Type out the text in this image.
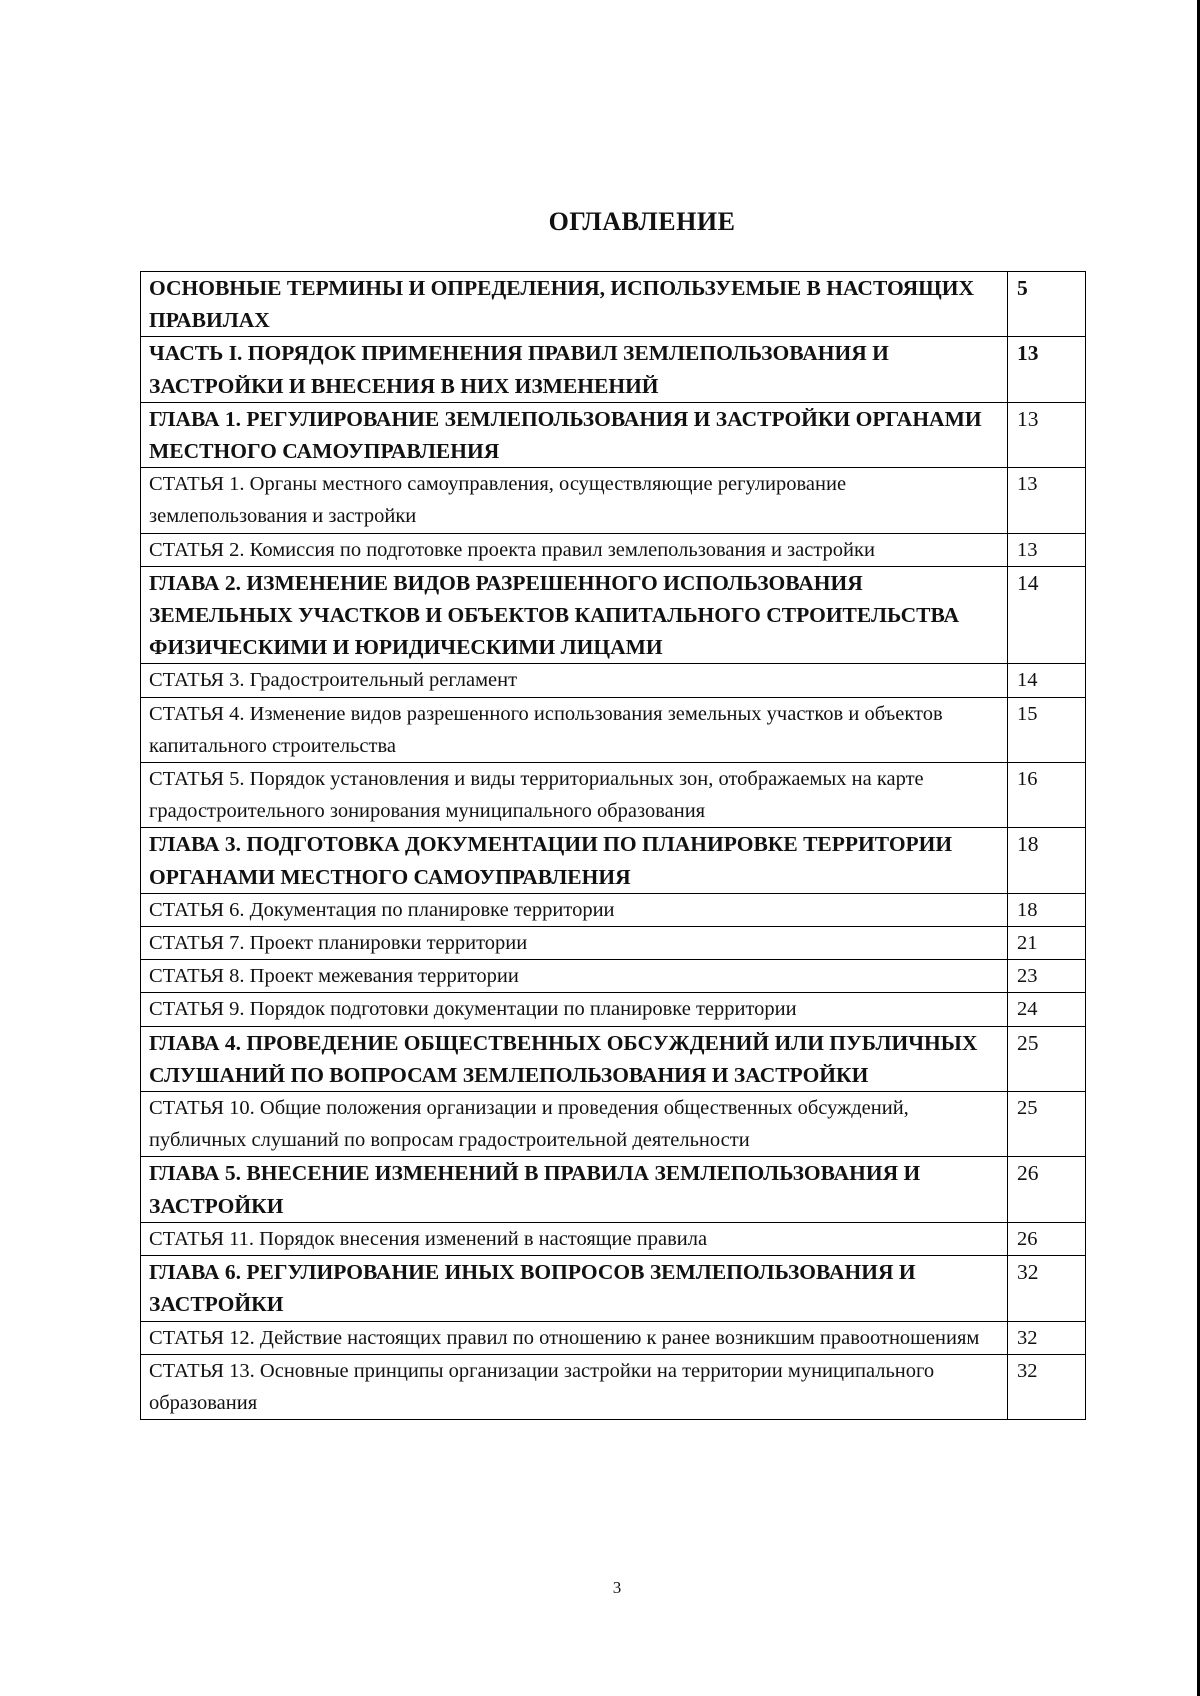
ОГЛАВЛЕНИЕ
ОСНОВНЫЕ ТЕРМИНЫ И ОПРЕДЕЛЕНИЯ, ИСПОЛЬЗУЕМЫЕ В НАСТОЯЩИХ ПРАВИЛАХ	5
ЧАСТЬ I. ПОРЯДОК ПРИМЕНЕНИЯ ПРАВИЛ ЗЕМЛЕПОЛЬЗОВАНИЯ И ЗАСТРОЙКИ И ВНЕСЕНИЯ В НИХ ИЗМЕНЕНИЙ	13
ГЛАВА 1. РЕГУЛИРОВАНИЕ ЗЕМЛЕПОЛЬЗОВАНИЯ И ЗАСТРОЙКИ ОРГАНАМИ МЕСТНОГО САМОУПРАВЛЕНИЯ	13
СТАТЬЯ 1. Органы местного самоуправления, осуществляющие регулирование землепользования и застройки	13
СТАТЬЯ 2. Комиссия по подготовке проекта правил землепользования и застройки	13
ГЛАВА 2. ИЗМЕНЕНИЕ ВИДОВ РАЗРЕШЕННОГО ИСПОЛЬЗОВАНИЯ ЗЕМЕЛЬНЫХ УЧАСТКОВ И ОБЪЕКТОВ КАПИТАЛЬНОГО СТРОИТЕЛЬСТВА ФИЗИЧЕСКИМИ И ЮРИДИЧЕСКИМИ ЛИЦАМИ	14
СТАТЬЯ 3. Градостроительный регламент	14
СТАТЬЯ 4. Изменение видов разрешенного использования земельных участков и объектов капитального строительства	15
СТАТЬЯ 5. Порядок установления и виды территориальных зон, отображаемых на карте градостроительного зонирования муниципального образования	16
ГЛАВА 3. ПОДГОТОВКА ДОКУМЕНТАЦИИ ПО ПЛАНИРОВКЕ ТЕРРИТОРИИ ОРГАНАМИ МЕСТНОГО САМОУПРАВЛЕНИЯ	18
СТАТЬЯ 6. Документация по планировке территории	18
СТАТЬЯ 7. Проект планировки территории	21
СТАТЬЯ 8. Проект межевания территории	23
СТАТЬЯ 9. Порядок подготовки документации по планировке территории	24
ГЛАВА 4. ПРОВЕДЕНИЕ ОБЩЕСТВЕННЫХ ОБСУЖДЕНИЙ ИЛИ ПУБЛИЧНЫХ СЛУШАНИЙ ПО ВОПРОСАМ ЗЕМЛЕПОЛЬЗОВАНИЯ И ЗАСТРОЙКИ	25
СТАТЬЯ 10. Общие положения организации и проведения общественных обсуждений, публичных слушаний по вопросам градостроительной деятельности	25
ГЛАВА 5. ВНЕСЕНИЕ ИЗМЕНЕНИЙ В ПРАВИЛА ЗЕМЛЕПОЛЬЗОВАНИЯ И ЗАСТРОЙКИ	26
СТАТЬЯ 11. Порядок внесения изменений в настоящие правила	26
ГЛАВА 6. РЕГУЛИРОВАНИЕ ИНЫХ ВОПРОСОВ ЗЕМЛЕПОЛЬЗОВАНИЯ И ЗАСТРОЙКИ	32
СТАТЬЯ 12. Действие настоящих правил по отношению к ранее возникшим правоотношениям	32
СТАТЬЯ 13. Основные принципы организации застройки на территории муниципального образования	32

3
